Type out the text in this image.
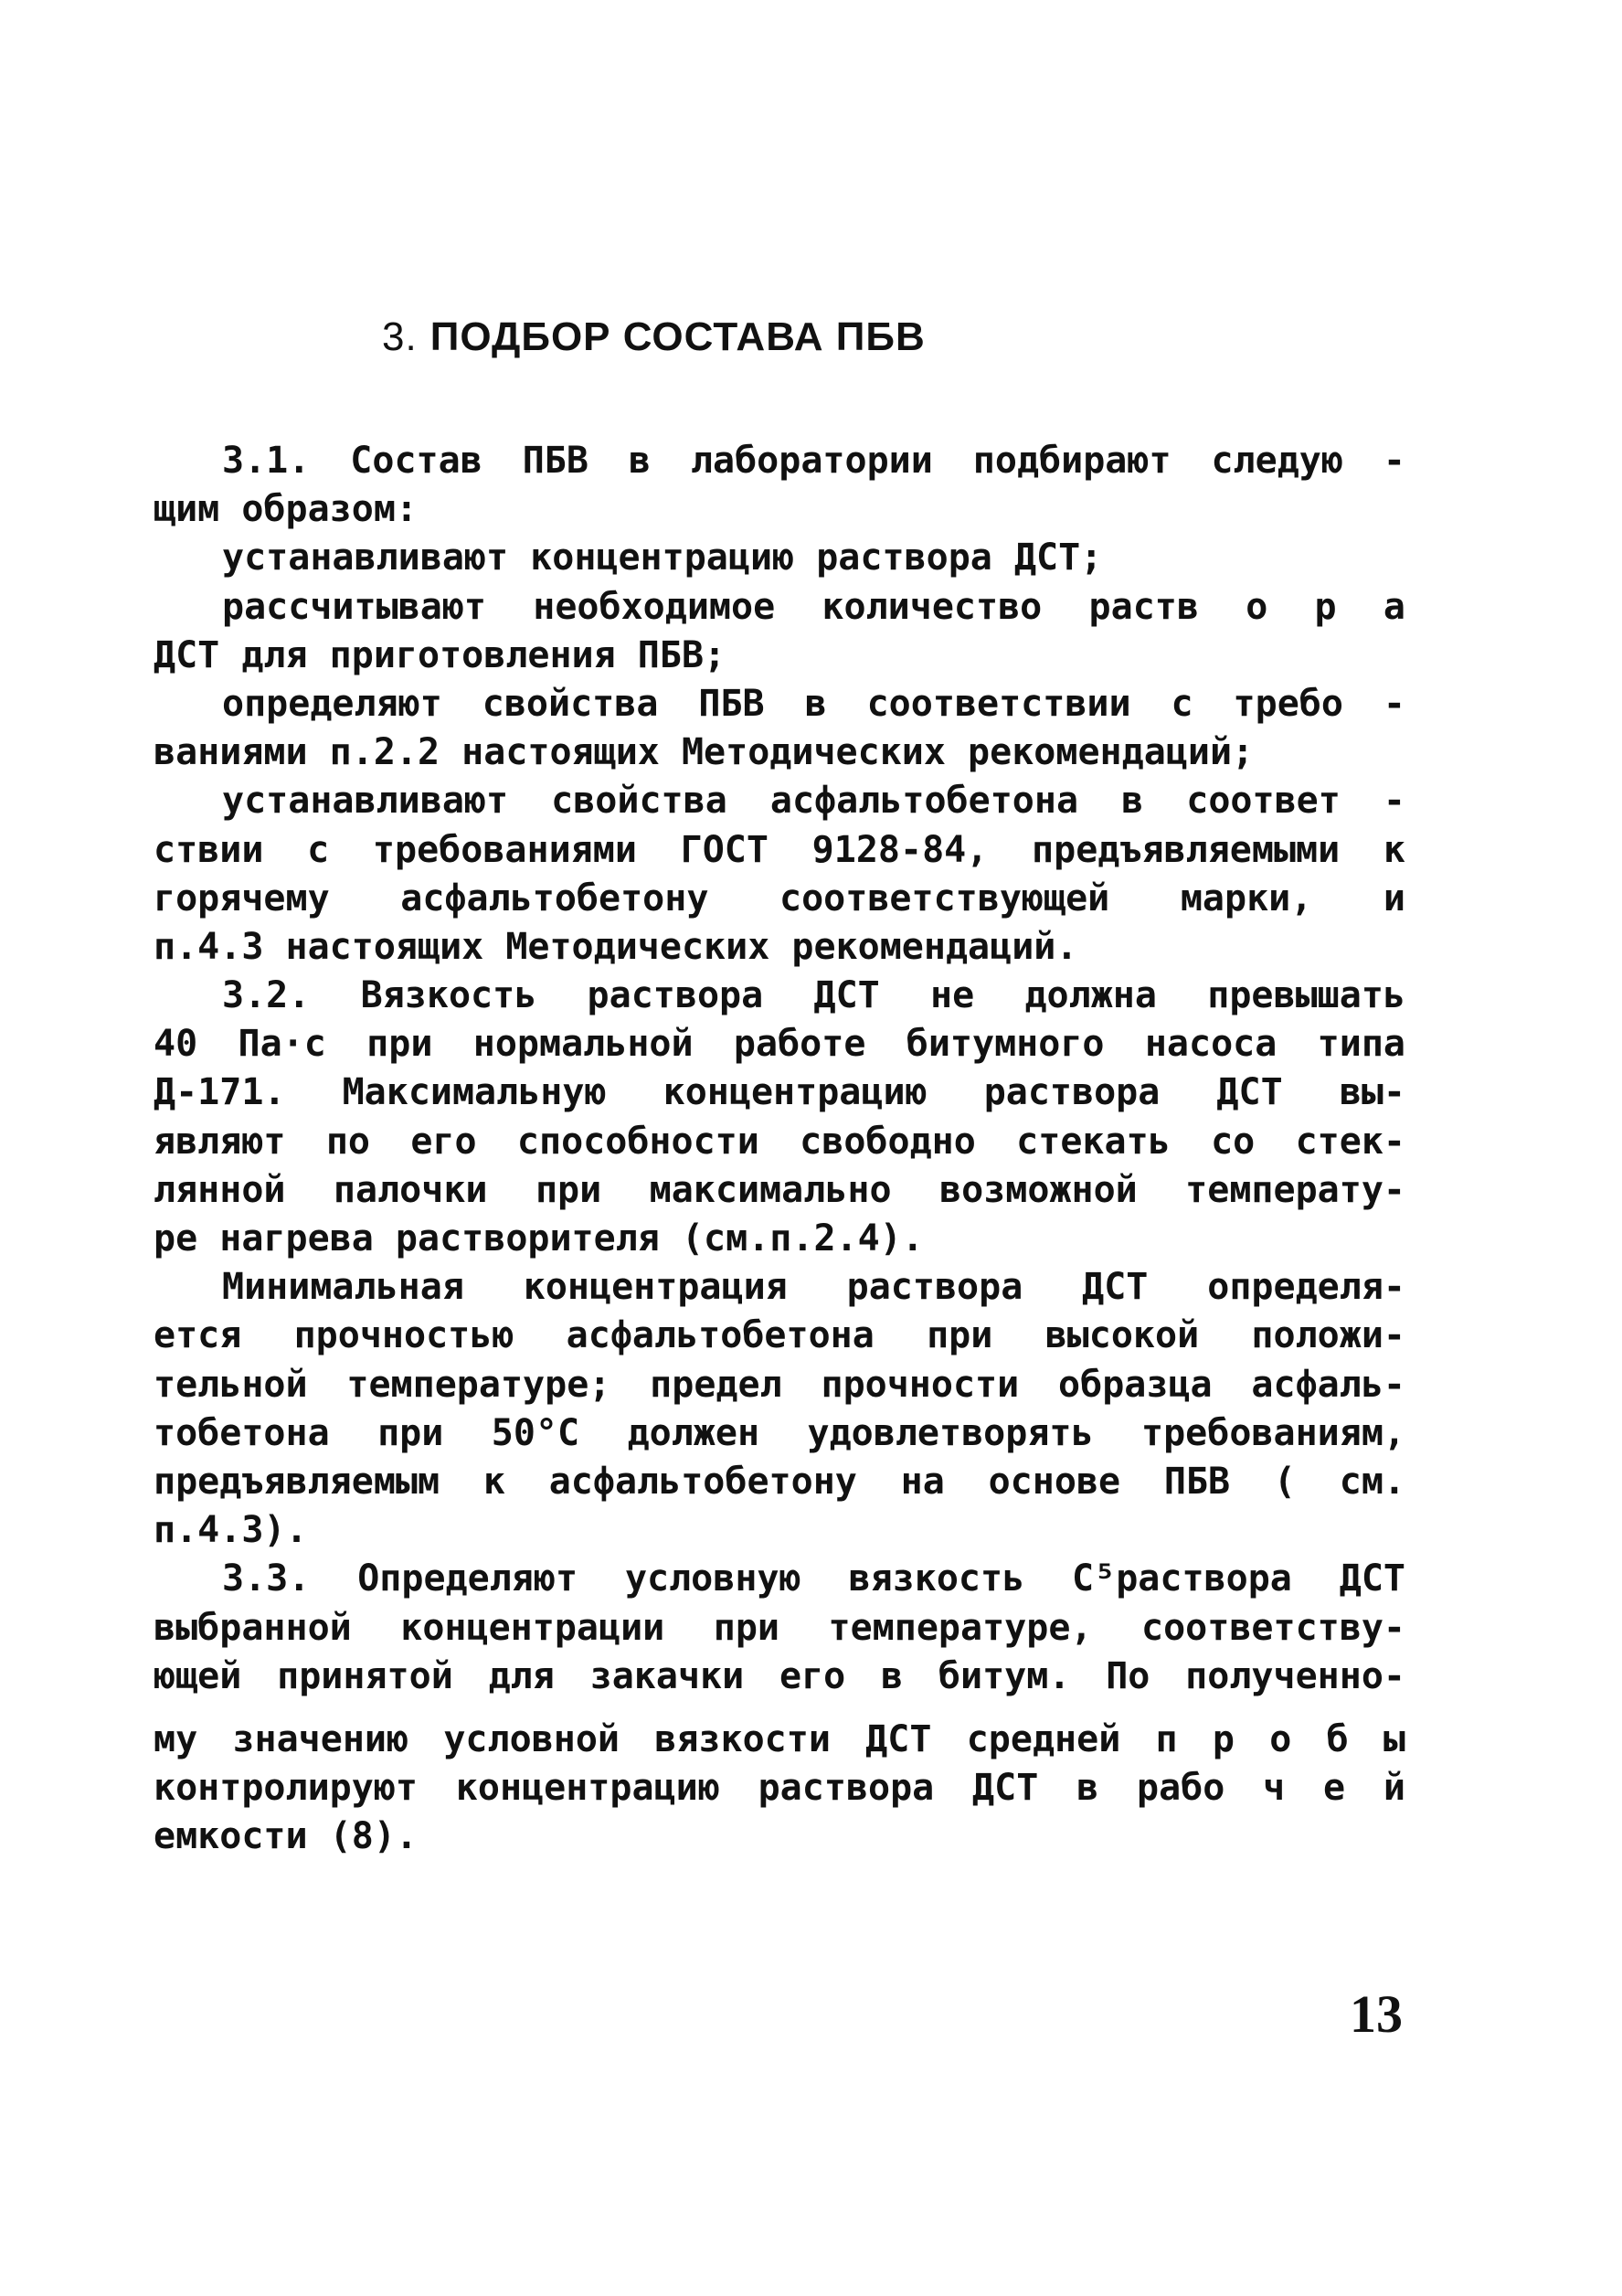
3. ПОДБОР СОСТАВА ПБВ
3.1. Состав ПБВ в лаборатории подбирают следую -
щим образом:
устанавливают концентрацию раствора ДСТ;
рассчитывают необходимое количество раств о р а
ДСТ для приготовления ПБВ;
определяют свойства ПБВ в соответствии с требо -
ваниями п.2.2 настоящих Методических рекомендаций;
устанавливают свойства асфальтобетона в соответ -
ствии с требованиями ГОСТ 9128-84, предъявляемыми к
горячему асфальтобетону соответствующей марки, и
п.4.3 настоящих Методических рекомендаций.
3.2. Вязкость раствора ДСТ не должна превышать
40 Па·с при нормальной работе битумного насоса типа
Д-171. Максимальную концентрацию раствора ДСТ вы-
являют по его способности свободно стекать со стек-
лянной палочки при максимально возможной температу-
ре нагрева растворителя (см.п.2.4).
Минимальная концентрация раствора ДСТ определя-
ется прочностью асфальтобетона при высокой положи-
тельной температуре; предел прочности образца асфаль-
тобетона при 50°С должен удовлетворять требованиям,
предъявляемым к асфальтобетону на основе ПБВ ( см.
п.4.3).
3.3. Определяют условную вязкость C⁵раствора ДСТ
выбранной концентрации при температуре, соответству-
ющей принятой для закачки его в битум. По полученно-
му значению условной вязкости ДСТ средней п р о б ы
контролируют концентрацию раствора ДСТ в рабо ч е й
емкости (8).
13
